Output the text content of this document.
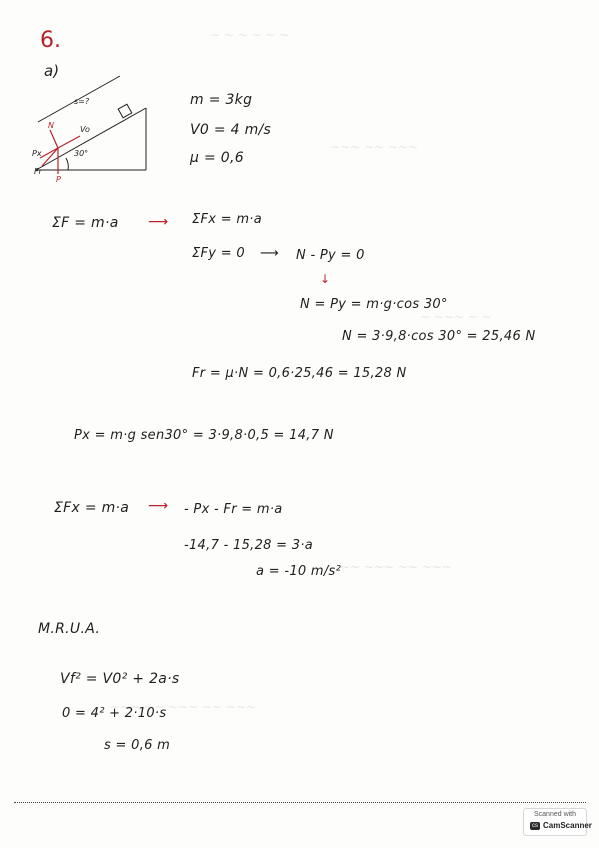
~ ~ ~ ~ ~ ~
~~~ ~~ ~~~
~ ~~~ ~ ~
~~ ~~~ ~~ ~~~
~~~ ~~ ~~~ ~~ ~~~
6.
a)
s=?
30°
N
P
Px
Fr
Vo
m = 3kg
V0 = 4 m/s
μ = 0,6
ΣF = m·a ⟶ ΣFx = m·a
ΣFy = 0 ⟶ N - Py = 0
↓
N = Py = m·g·cos 30°
N = 3·9,8·cos 30° = 25,46 N
Fr = μ·N = 0,6·25,46 = 15,28 N
Px = m·g sen30° = 3·9,8·0,5 = 14,7 N
ΣFx = m·a ⟶ - Px - Fr = m·a
-14,7 - 15,28 = 3·a
a = -10 m/s²
M.R.U.A.
Vf² = V0² + 2a·s
0 = 4² + 2·10·s
s = 0,6 m
Scanned with
cs CamScanner
